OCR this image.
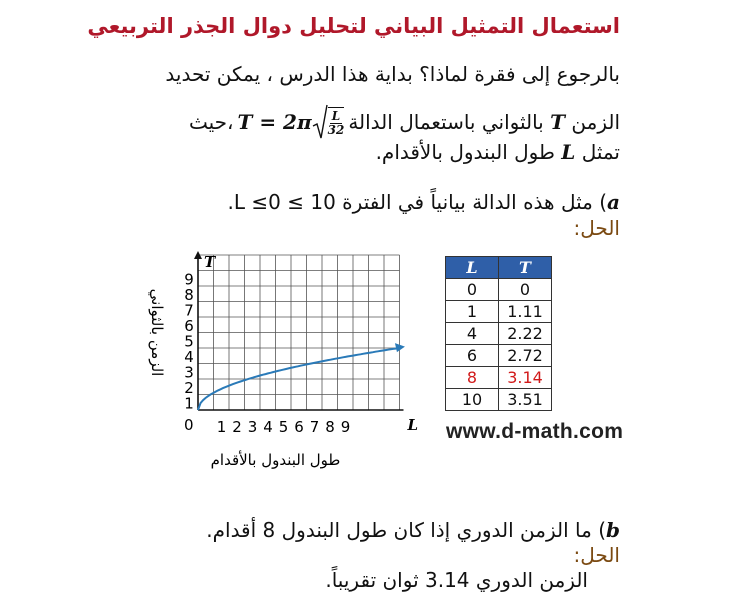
استعمال التمثيل البياني لتحليل دوال الجذر التربيعي
بالرجوع إلى فقرة لماذا؟ بداية هذا الدرس ، يمكن تحديد
الزمن

T

بالثواني باستعمال الدالة
$T = 2\pi \frac{L}{32}$
،حيث
تمثل L طول البندول بالأقدام.
a) مثل هذه الدالة بيانياً في الفترة 10 ≥ L ≤0.
الحل:
1 2 3 4 5 6 7 8 9
1
2
3
4
5
6
7
8
9
L
T
0
طول البندول بالأقدام
الزمن بالثواني
L	T
0	0
1	1.11
4	2.22
6	2.72
8	3.14
10	3.51
www.d-math.com
b) ما الزمن الدوري إذا كان طول البندول 8 أقدام.
الحل:
الزمن الدوري 3.14 ثوان تقريباً.
